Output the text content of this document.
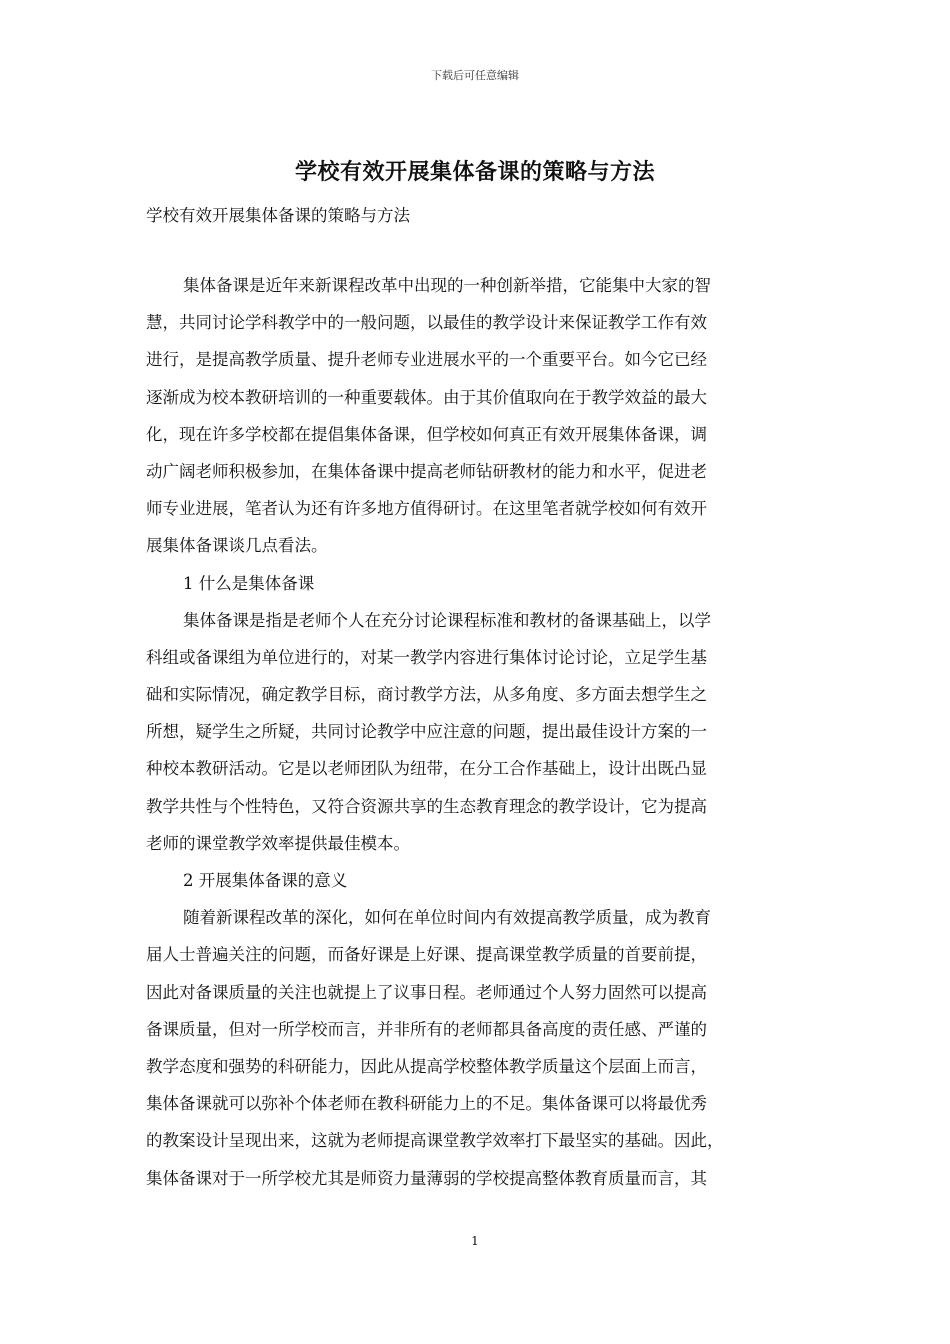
下载后可任意编辑
学校有效开展集体备课的策略与方法
学校有效开展集体备课的策略与方法
集体备课是近年来新课程改革中出现的一种创新举措，它能集中大家的智
慧，共同讨论学科教学中的一般问题，以最佳的教学设计来保证教学工作有效
进行，是提高教学质量、提升老师专业进展水平的一个重要平台。如今它已经
逐渐成为校本教研培训的一种重要载体。由于其价值取向在于教学效益的最大
化，现在许多学校都在提倡集体备课，但学校如何真正有效开展集体备课，调
动广阔老师积极参加，在集体备课中提高老师钻研教材的能力和水平，促进老
师专业进展，笔者认为还有许多地方值得研讨。在这里笔者就学校如何有效开
展集体备课谈几点看法。
1 什么是集体备课
集体备课是指是老师个人在充分讨论课程标准和教材的备课基础上，以学
科组或备课组为单位进行的，对某一教学内容进行集体讨论讨论，立足学生基
础和实际情况，确定教学目标，商讨教学方法，从多角度、多方面去想学生之
所想，疑学生之所疑，共同讨论教学中应注意的问题，提出最佳设计方案的一
种校本教研活动。它是以老师团队为纽带，在分工合作基础上，设计出既凸显
教学共性与个性特色，又符合资源共享的生态教育理念的教学设计，它为提高
老师的课堂教学效率提供最佳模本。
2 开展集体备课的意义
随着新课程改革的深化，如何在单位时间内有效提高教学质量，成为教育
届人士普遍关注的问题，而备好课是上好课、提高课堂教学质量的首要前提，
因此对备课质量的关注也就提上了议事日程。老师通过个人努力固然可以提高
备课质量，但对一所学校而言，并非所有的老师都具备高度的责任感、严谨的
教学态度和强势的科研能力，因此从提高学校整体教学质量这个层面上而言，
集体备课就可以弥补个体老师在教科研能力上的不足。集体备课可以将最优秀
的教案设计呈现出来，这就为老师提高课堂教学效率打下最坚实的基础。因此，
集体备课对于一所学校尤其是师资力量薄弱的学校提高整体教育质量而言，其
1
